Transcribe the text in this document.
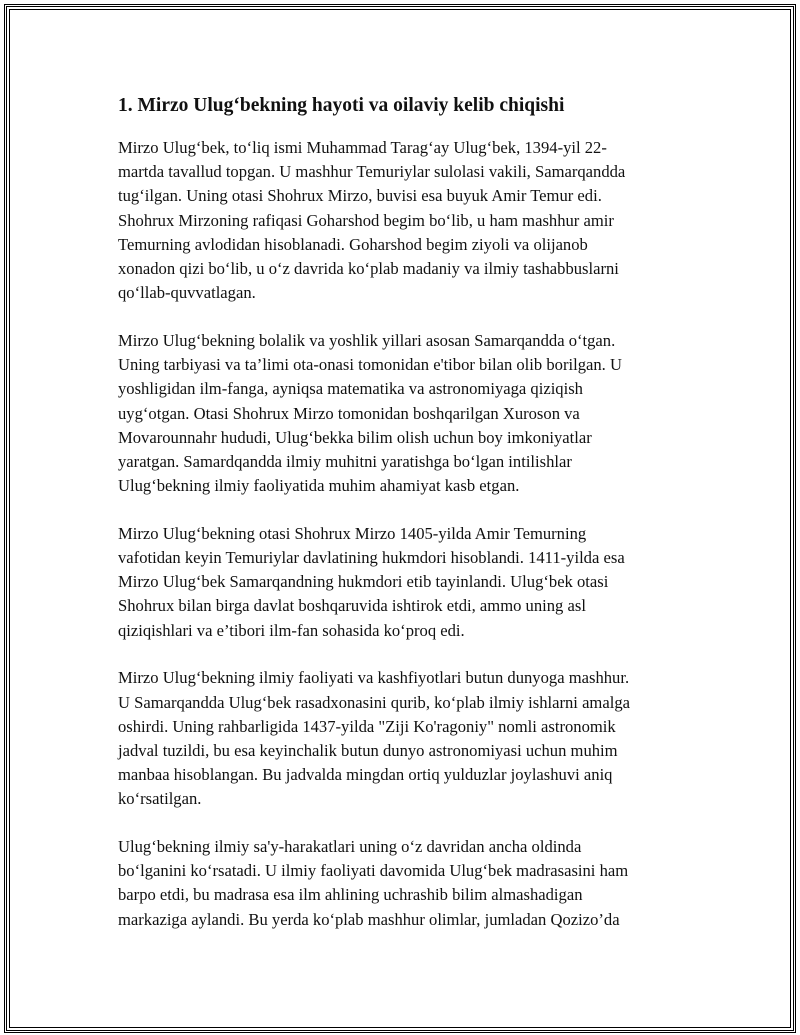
1. Mirzo Ulug‘bekning hayoti va oilaviy kelib chiqishi

Mirzo Ulug‘bek, to‘liq ismi Muhammad Tarag‘ay Ulug‘bek, 1394-yil 22-
martda tavallud topgan. U mashhur Temuriylar sulolasi vakili, Samarqandda
tug‘ilgan. Uning otasi Shohrux Mirzo, buvisi esa buyuk Amir Temur edi.
Shohrux Mirzoning rafiqasi Goharshod begim bo‘lib, u ham mashhur amir
Temurning avlodidan hisoblanadi. Goharshod begim ziyoli va olijanob
xonadon qizi bo‘lib, u o‘z davrida ko‘plab madaniy va ilmiy tashabbuslarni
qo‘llab-quvvatlagan.

Mirzo Ulug‘bekning bolalik va yoshlik yillari asosan Samarqandda o‘tgan.
Uning tarbiyasi va ta’limi ota-onasi tomonidan e'tibor bilan olib borilgan. U
yoshligidan ilm-fanga, ayniqsa matematika va astronomiyaga qiziqish
uyg‘otgan. Otasi Shohrux Mirzo tomonidan boshqarilgan Xuroson va
Movarounnahr hududi, Ulug‘bekka bilim olish uchun boy imkoniyatlar
yaratgan. Samardqandda ilmiy muhitni yaratishga bo‘lgan intilishlar
Ulug‘bekning ilmiy faoliyatida muhim ahamiyat kasb etgan.

Mirzo Ulug‘bekning otasi Shohrux Mirzo 1405-yilda Amir Temurning
vafotidan keyin Temuriylar davlatining hukmdori hisoblandi. 1411-yilda esa
Mirzo Ulug‘bek Samarqandning hukmdori etib tayinlandi. Ulug‘bek otasi
Shohrux bilan birga davlat boshqaruvida ishtirok etdi, ammo uning asl
qiziqishlari va e’tibori ilm-fan sohasida ko‘proq edi.

Mirzo Ulug‘bekning ilmiy faoliyati va kashfiyotlari butun dunyoga mashhur.
U Samarqandda Ulug‘bek rasadxonasini qurib, ko‘plab ilmiy ishlarni amalga
oshirdi. Uning rahbarligida 1437-yilda "Ziji Ko'ragoniy" nomli astronomik
jadval tuzildi, bu esa keyinchalik butun dunyo astronomiyasi uchun muhim
manbaa hisoblangan. Bu jadvalda mingdan ortiq yulduzlar joylashuvi aniq
ko‘rsatilgan.

Ulug‘bekning ilmiy sa'y-harakatlari uning o‘z davridan ancha oldinda
bo‘lganini ko‘rsatadi. U ilmiy faoliyati davomida Ulug‘bek madrasasini ham
barpo etdi, bu madrasa esa ilm ahlining uchrashib bilim almashadigan
markaziga aylandi. Bu yerda ko‘plab mashhur olimlar, jumladan Qozizo’da
